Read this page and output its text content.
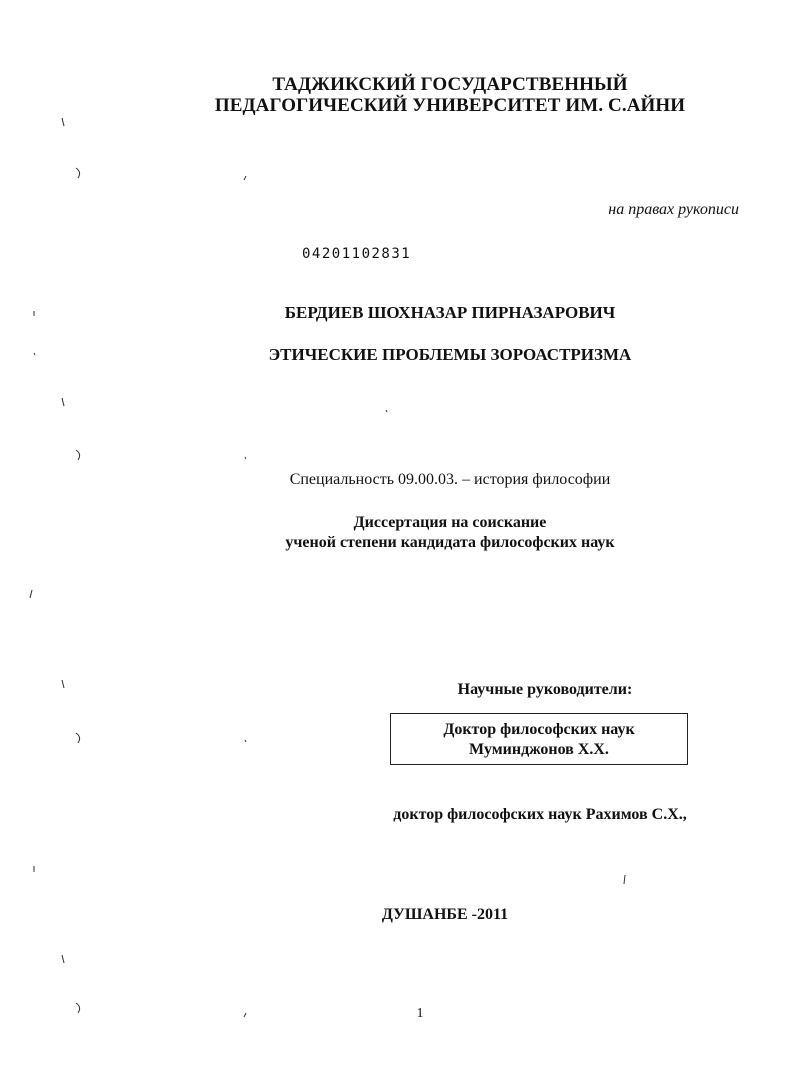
ТАДЖИКСКИЙ ГОСУДАРСТВЕННЫЙ
ПЕДАГОГИЧЕСКИЙ УНИВЕРСИТЕТ ИМ. С.АЙНИ
на правах рукописи
04201102831
БЕРДИЕВ ШОХНАЗАР ПИРНАЗАРОВИЧ
ЭТИЧЕСКИЕ ПРОБЛЕМЫ ЗОРОАСТРИЗМА
Специальность 09.00.03. – история философии
Диссертация на соискание
ученой степени кандидата философских наук
Научные руководители:
Доктор философских наук
Муминджонов Х.Х.
доктор философских наук Рахимов С.Х.,
ДУШАНБЕ -2011
1
